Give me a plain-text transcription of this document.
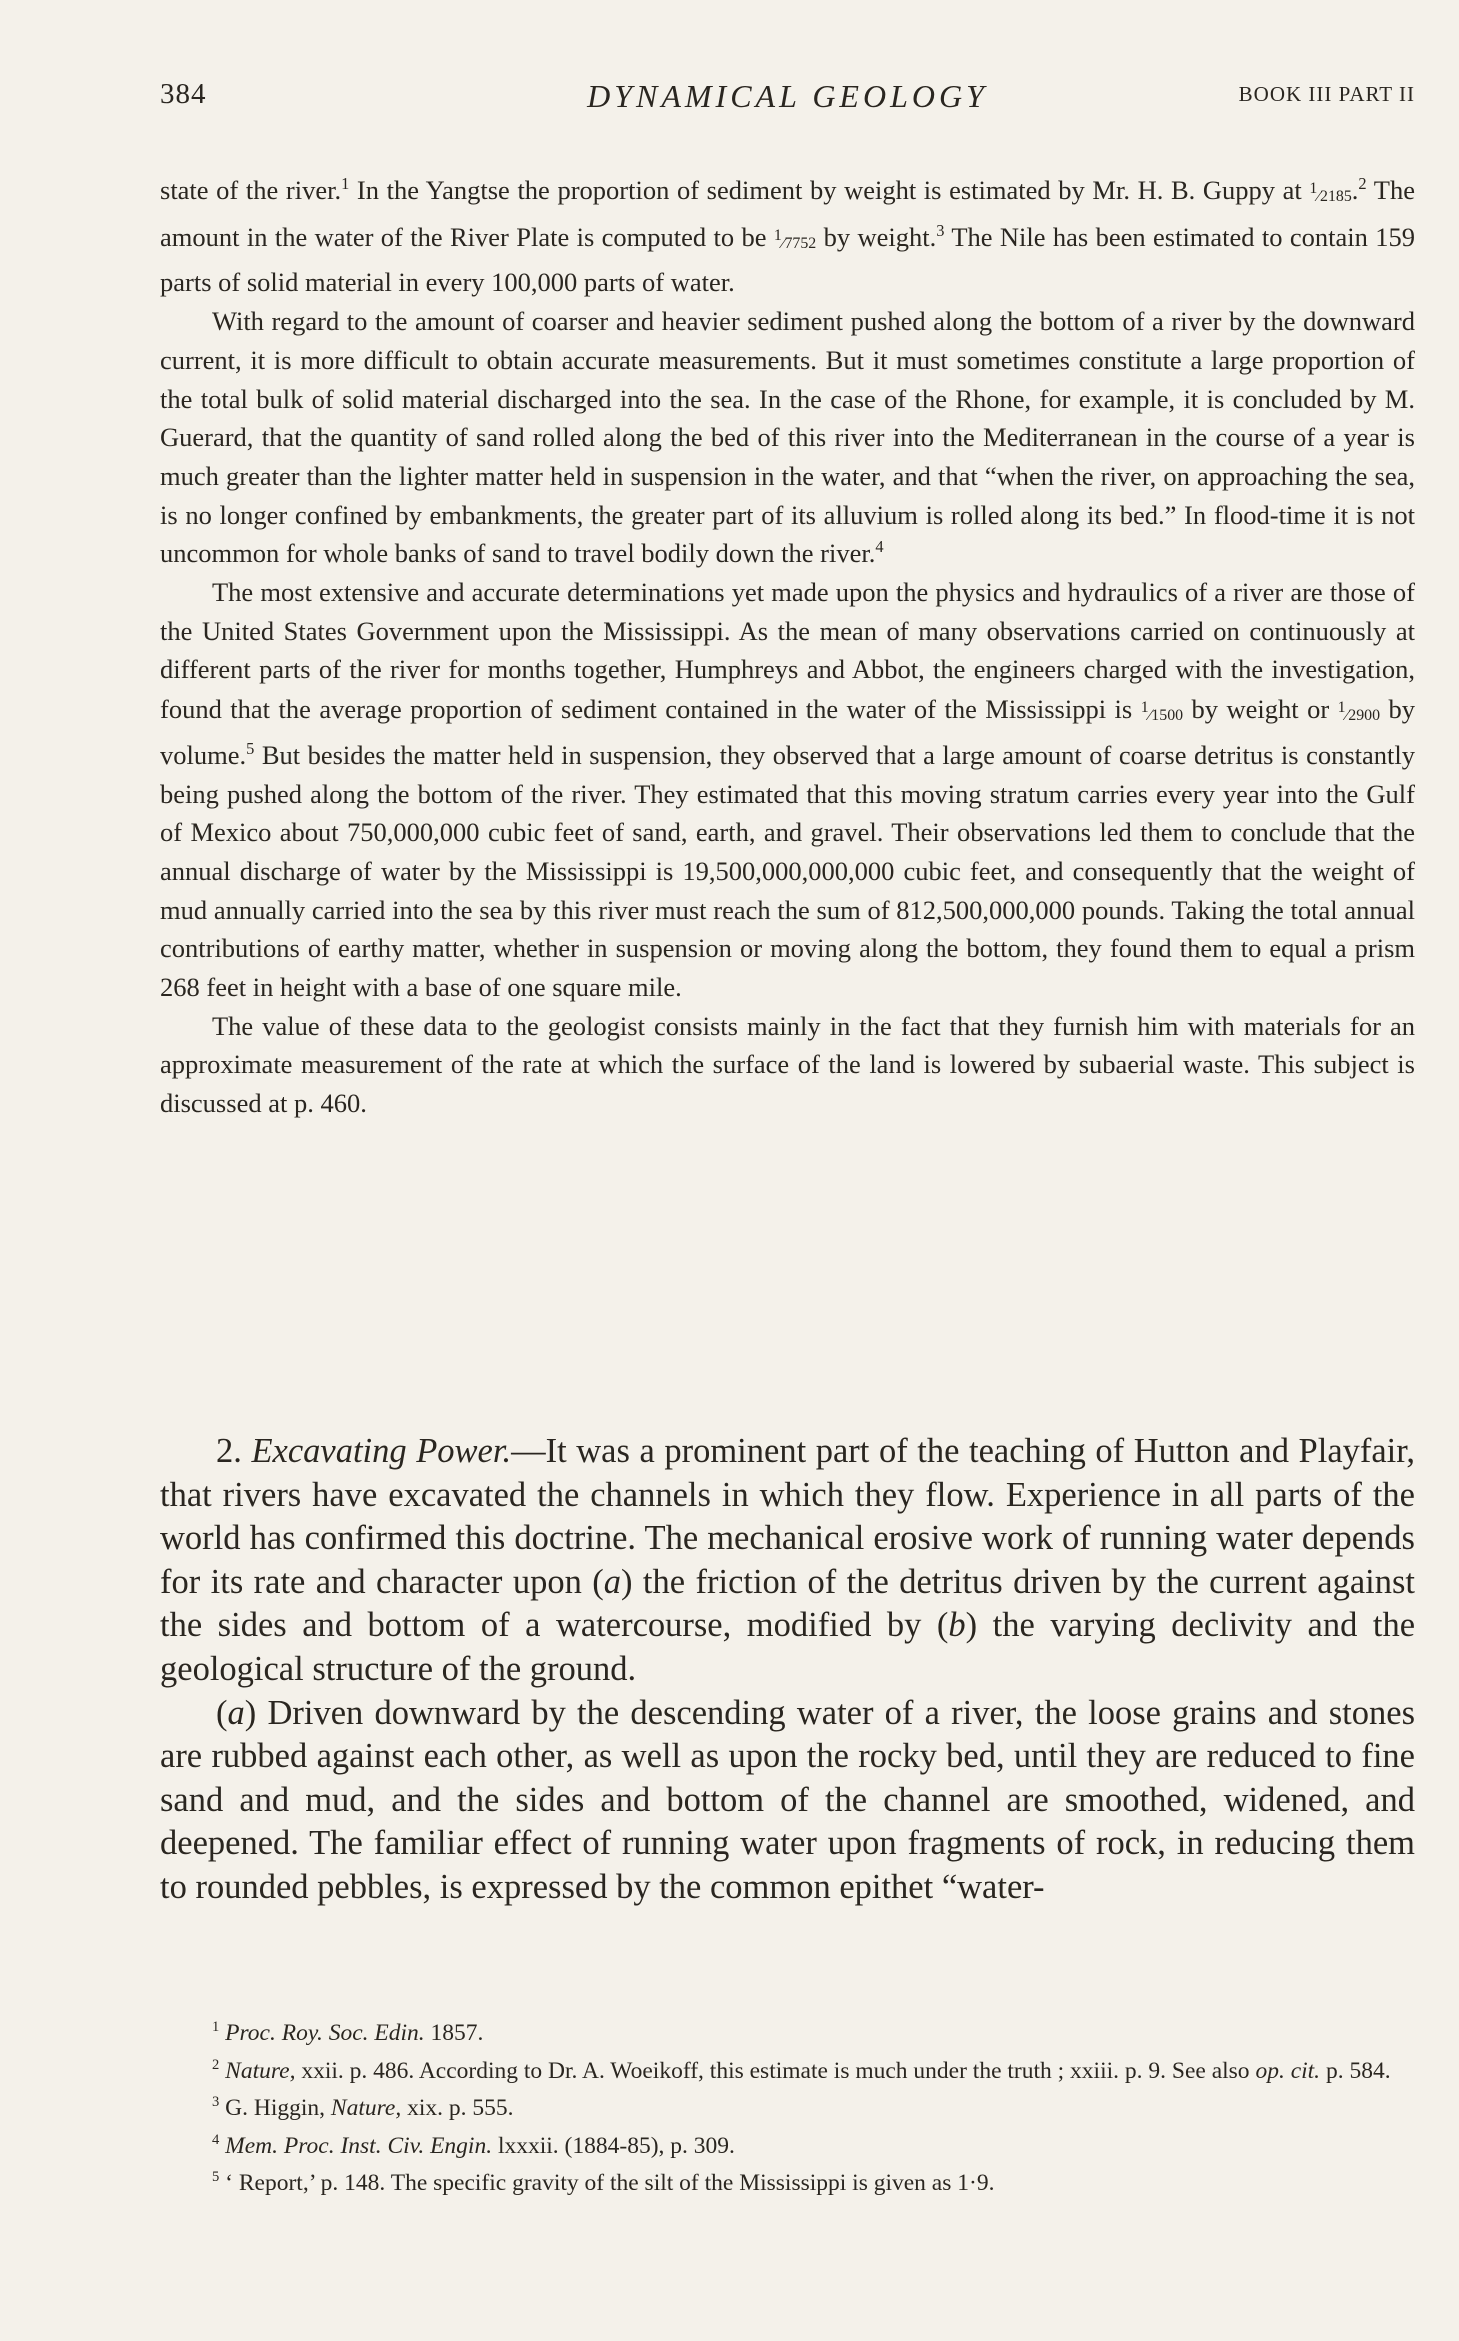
384	DYNAMICAL GEOLOGY	BOOK III PART II

state of the river.$^1$ In the Yangtse the proportion of sediment by weight is estimated by Mr. H. B. Guppy at 1⁄2185.$^2$ The amount in the water of the River Plate is computed to be 1⁄7752 by weight.$^3$ The Nile has been estimated to contain 159 parts of solid material in every 100,000 parts of water.

With regard to the amount of coarser and heavier sediment pushed along the bottom of a river by the downward current, it is more difficult to obtain accurate measurements. But it must sometimes constitute a large proportion of the total bulk of solid material discharged into the sea. In the case of the Rhone, for example, it is concluded by M. Guerard, that the quantity of sand rolled along the bed of this river into the Mediterranean in the course of a year is much greater than the lighter matter held in suspension in the water, and that “when the river, on approaching the sea, is no longer confined by embankments, the greater part of its alluvium is rolled along its bed.” In flood-time it is not uncommon for whole banks of sand to travel bodily down the river.$^4$

The most extensive and accurate determinations yet made upon the physics and hydraulics of a river are those of the United States Government upon the Mississippi. As the mean of many observations carried on continuously at different parts of the river for months together, Humphreys and Abbot, the engineers charged with the investigation, found that the average proportion of sediment contained in the water of the Mississippi is 1⁄1500 by weight or 1⁄2900 by volume.$^5$ But besides the matter held in suspension, they observed that a large amount of coarse detritus is constantly being pushed along the bottom of the river. They estimated that this moving stratum carries every year into the Gulf of Mexico about 750,000,000 cubic feet of sand, earth, and gravel. Their observations led them to conclude that the annual discharge of water by the Mississippi is 19,500,000,000,000 cubic feet, and consequently that the weight of mud annually carried into the sea by this river must reach the sum of 812,500,000,000 pounds. Taking the total annual contributions of earthy matter, whether in suspension or moving along the bottom, they found them to equal a prism 268 feet in height with a base of one square mile.

The value of these data to the geologist consists mainly in the fact that they furnish him with materials for an approximate measurement of the rate at which the surface of the land is lowered by subaerial waste. This subject is discussed at p. 460.

2. Excavating Power.—It was a prominent part of the teaching of Hutton and Playfair, that rivers have excavated the channels in which they flow. Experience in all parts of the world has confirmed this doctrine. The mechanical erosive work of running water depends for its rate and character upon (a) the friction of the detritus driven by the current against the sides and bottom of a watercourse, modified by (b) the varying declivity and the geological structure of the ground.

(a) Driven downward by the descending water of a river, the loose grains and stones are rubbed against each other, as well as upon the rocky bed, until they are reduced to fine sand and mud, and the sides and bottom of the channel are smoothed, widened, and deepened. The familiar effect of running water upon fragments of rock, in reducing them to rounded pebbles, is expressed by the common epithet “water-

$^1$ Proc. Roy. Soc. Edin. 1857.

$^2$ Nature, xxii. p. 486. According to Dr. A. Woeikoff, this estimate is much under the truth ; xxiii. p. 9. See also op. cit. p. 584.

$^3$ G. Higgin, Nature, xix. p. 555.

$^4$ Mem. Proc. Inst. Civ. Engin. lxxxii. (1884-85), p. 309.

$^5$ ‘ Report,’ p. 148. The specific gravity of the silt of the Mississippi is given as 1·9.
